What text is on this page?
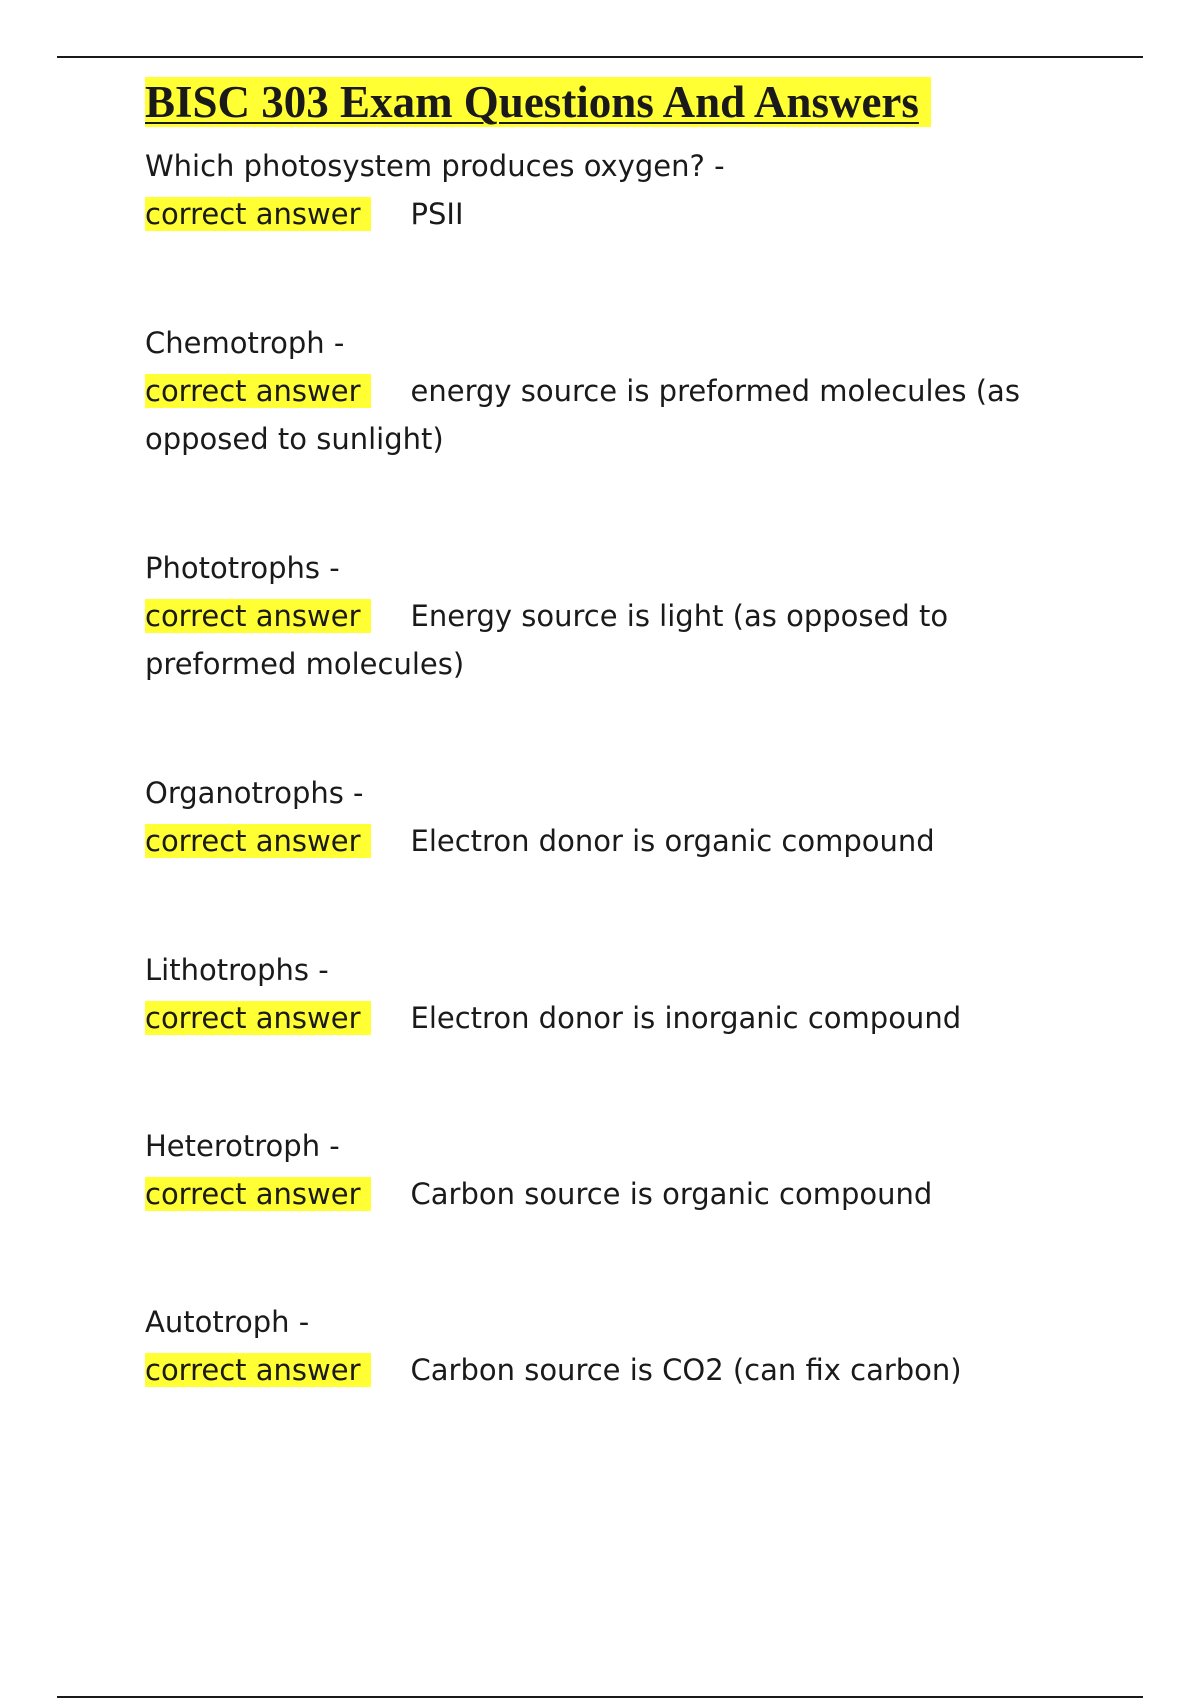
BISC 303 Exam Questions And Answers
Which photosystem produces oxygen? -
correct answer PSII
Chemotroph -
correct answer energy source is preformed molecules (as opposed to sunlight)
Phototrophs -
correct answer Energy source is light (as opposed to preformed molecules)
Organotrophs -
correct answer Electron donor is organic compound
Lithotrophs -
correct answer Electron donor is inorganic compound
Heterotroph -
correct answer Carbon source is organic compound
Autotroph -
correct answer Carbon source is CO2 (can fix carbon)
